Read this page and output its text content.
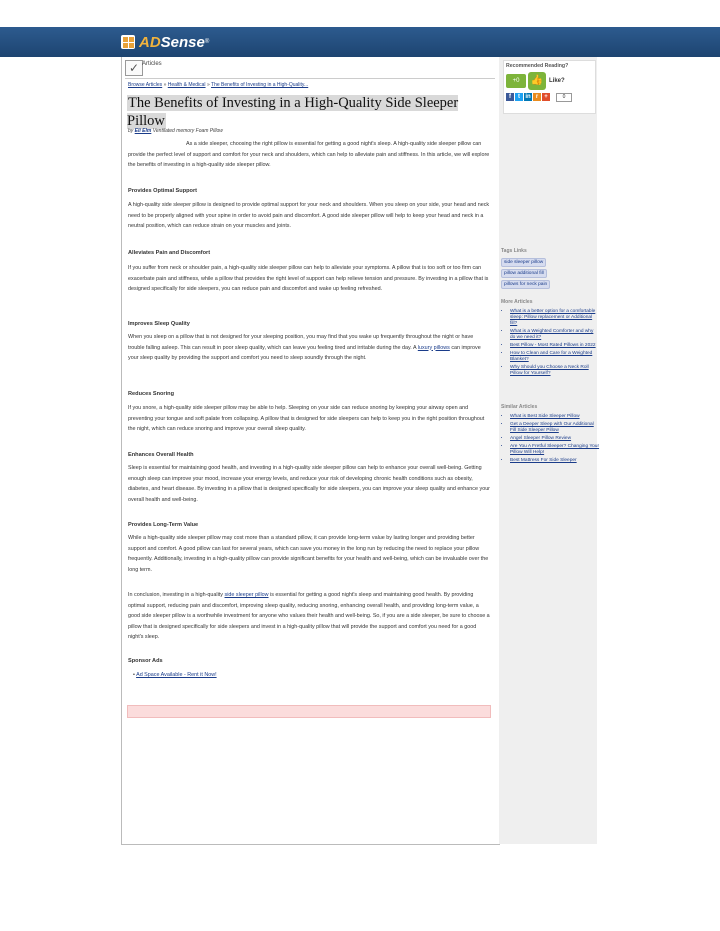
AD Sense ®
✓ Articles
Browse Articles » Health & Medical » The Benefits of Investing in a High-Quality...
The Benefits of Investing in a High-Quality Side Sleeper Pillow
by Eli Elm Ventilated memory Foam Pillow

As a side sleeper, choosing the right pillow is essential for getting a good night's sleep. A high-quality side sleeper pillow can provide the perfect level of support and comfort for your neck and shoulders, which can help to alleviate pain and stiffness. In this article, we will explore the benefits of investing in a high-quality side sleeper pillow.

Provides Optimal Support

A high-quality side sleeper pillow is designed to provide optimal support for your neck and shoulders. When you sleep on your side, your head and neck need to be properly aligned with your spine in order to avoid pain and discomfort. A good side sleeper pillow will help to keep your head and neck in a neutral position, which can reduce strain on your muscles and joints.

Alleviates Pain and Discomfort

If you suffer from neck or shoulder pain, a high-quality side sleeper pillow can help to alleviate your symptoms. A pillow that is too soft or too firm can exacerbate pain and stiffness, while a pillow that provides the right level of support can help relieve tension and pressure. By investing in a pillow that is designed specifically for side sleepers, you can reduce pain and discomfort and wake up feeling refreshed.

Improves Sleep Quality

When you sleep on a pillow that is not designed for your sleeping position, you may find that you wake up frequently throughout the night or have trouble falling asleep. This can result in poor sleep quality, which can leave you feeling tired and irritable during the day. A luxury pillows can improve your sleep quality by providing the support and comfort you need to sleep soundly through the night.

Reduces Snoring

If you snore, a high-quality side sleeper pillow may be able to help. Sleeping on your side can reduce snoring by keeping your airway open and preventing your tongue and soft palate from collapsing. A pillow that is designed for side sleepers can help to keep you in the right position throughout the night, which can reduce snoring and improve your overall sleep quality.

Enhances Overall Health

Sleep is essential for maintaining good health, and investing in a high-quality side sleeper pillow can help to enhance your overall well-being. Getting enough sleep can improve your mood, increase your energy levels, and reduce your risk of developing chronic health conditions such as obesity, diabetes, and heart disease. By investing in a pillow that is designed specifically for side sleepers, you can improve your sleep quality and enhance your overall health and well-being.

Provides Long-Term Value

While a high-quality side sleeper pillow may cost more than a standard pillow, it can provide long-term value by lasting longer and providing better support and comfort. A good pillow can last for several years, which can save you money in the long run by reducing the need to replace your pillow frequently. Additionally, investing in a high-quality pillow can provide significant benefits for your health and well-being, which can be invaluable over the long term.

In conclusion, investing in a high-quality side sleeper pillow is essential for getting a good night's sleep and maintaining good health. By providing optimal support, reducing pain and discomfort, improving sleep quality, reducing snoring, enhancing overall health, and providing long-term value, a good side sleeper pillow is a worthwhile investment for anyone who values their health and well-being. So, if you are a side sleeper, be sure to choose a pillow that is designed specifically for side sleepers and invest in a high-quality pillow that will provide the support and comfort you need for a good night's sleep.

Sponsor Ads
• Ad Space Available - Rent it Now!
Recommended Reading?
+0	👍 Like?
f	t in r	+	0
Tags Links
side sleeper pillow
pillow additional fill
pillows for neck pain
More Articles
• What is a better option for a comfortable sleep: Pillow replacement or Additional fill?
• What is a Weighted Comforter and why do we need it?
• Best Pillow - Most Rated Pillows in 2022
• How to Clean and Care for a Weighted Blanket?
• Why Should you Choose a Neck Roll Pillow for Yourself?
Similar Articles
• What is Best Side Sleeper Pillow
• Get a Deeper Sleep with Our Additional Fill Side Sleeper Pillow
• Angel Sleeper Pillow Review
• Are You A Fretful Sleeper? Changing Your Pillow Will Help!
• Best Mattress For Side Sleeper
